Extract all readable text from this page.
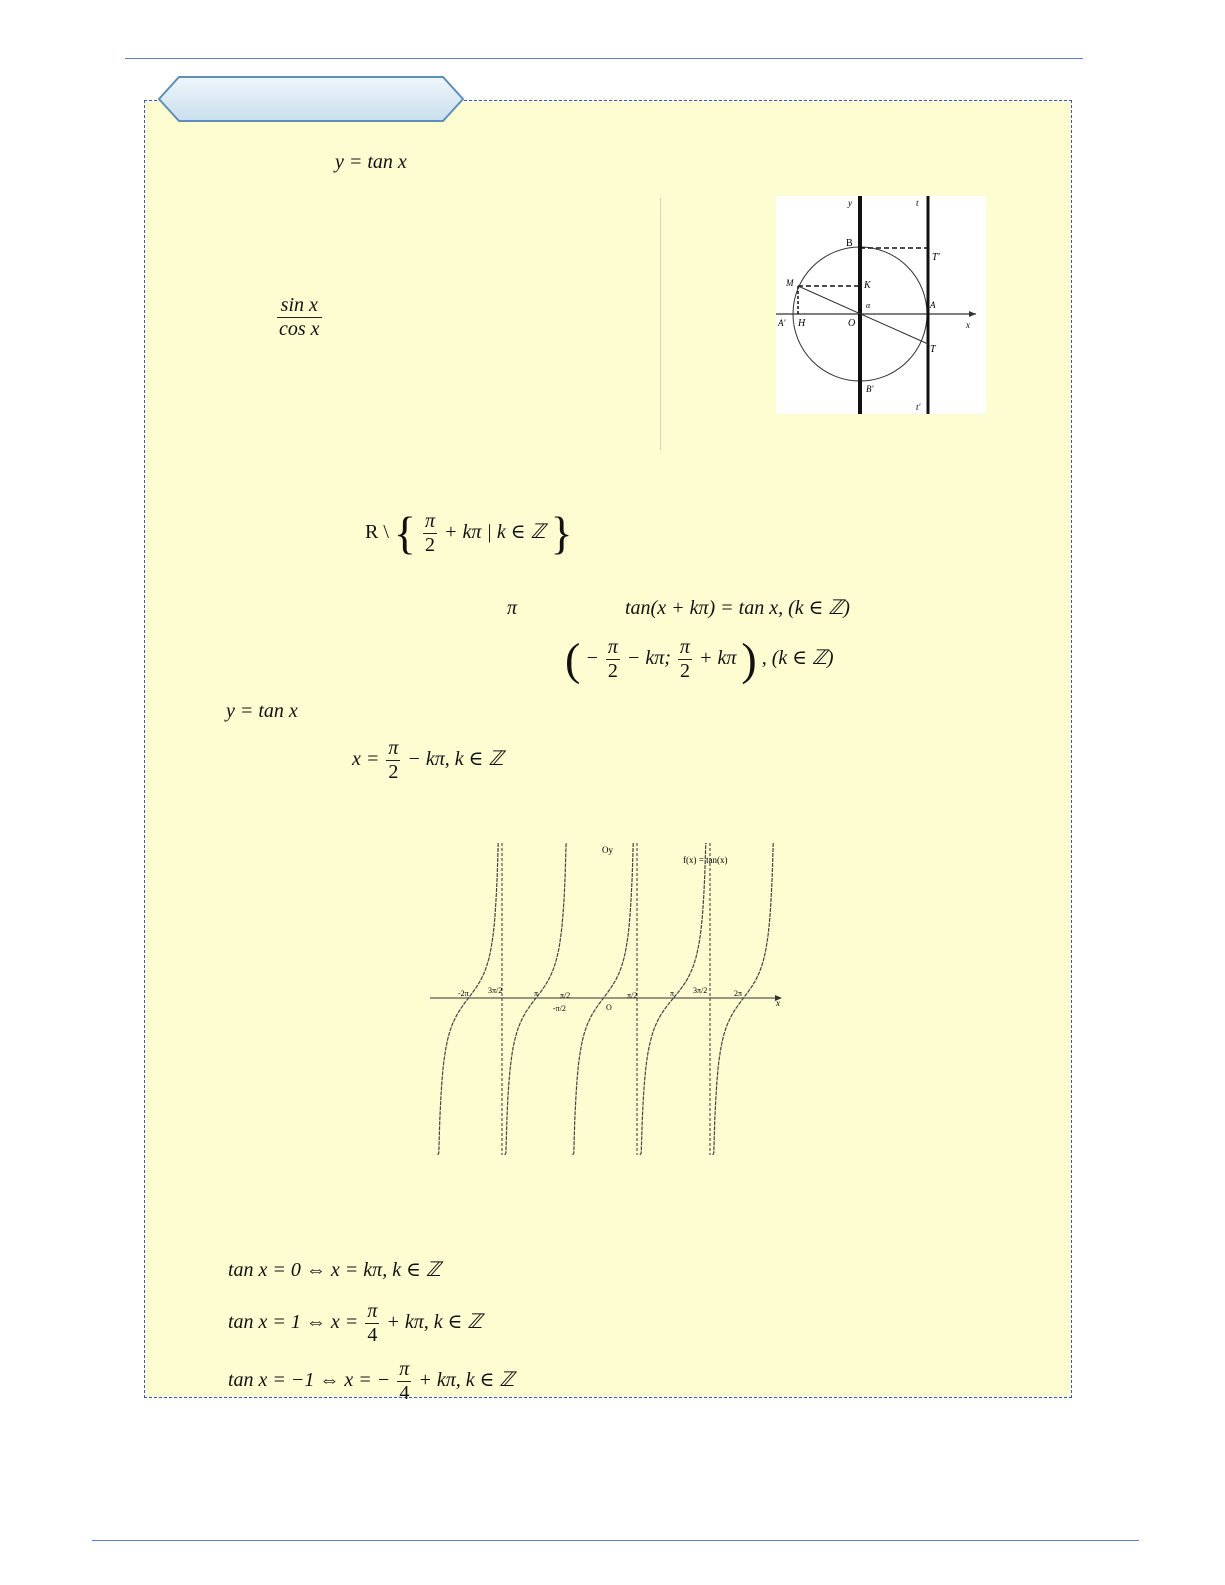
y = tan x
$\frac{\text{sin x}}{\text{cos x}}$
B
T'
M	K
α	A
A' H	O
T
B'
x
y	t
t'
R \ { $\frac{\pi}{2} + k\pi$ | k ∈ ℤ }
π	tan(x + kπ) = tan x, (k ∈ ℤ)
( − $\frac{\pi}{2} - k\pi$; $\frac{\pi}{2} + k\pi$ ) , (k ∈ ℤ)
y = tan x
$x = \frac{\pi}{2} - k\pi$, k ∈ ℤ
Oy
f(x) = tan(x)
x
-2π 3π/2	π	π/2
-π/2	O
π/2	π 3π/2	2π
tan x = 0 ⇔ x = kπ, k ∈ ℤ
tan x = 1 ⇔ $x = \frac{\pi}{4} + k\pi$, k ∈ ℤ
tan x = −1 ⇔ x = − $\frac{\pi}{4} + k\pi$, k ∈ ℤ
